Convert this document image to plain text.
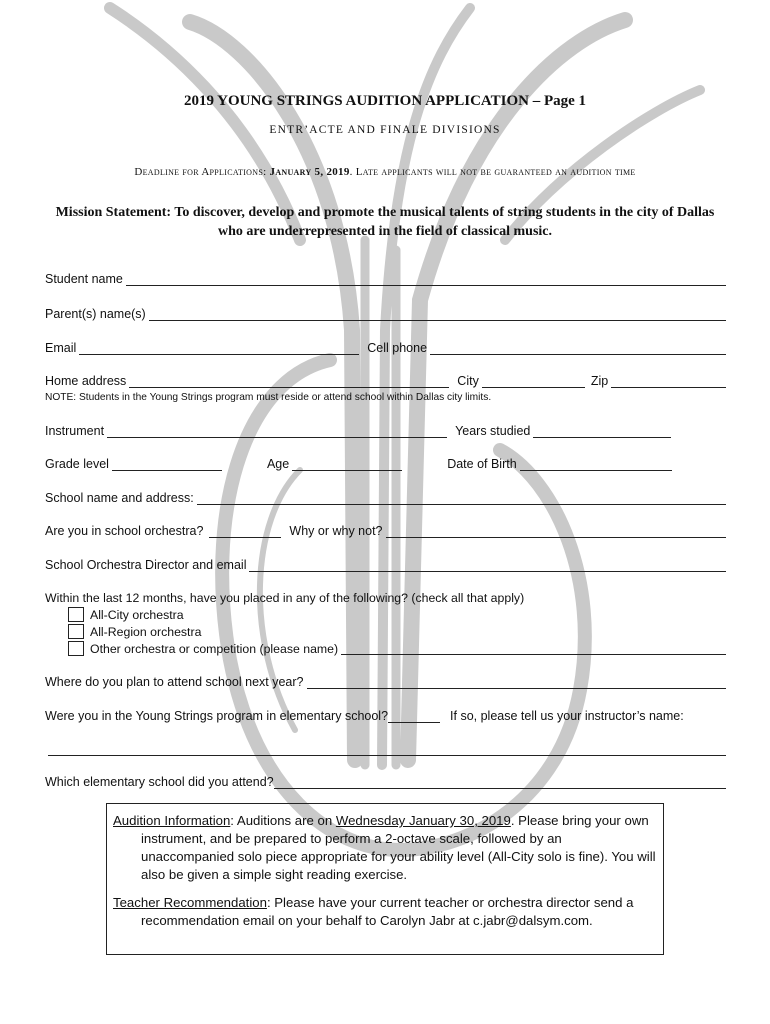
2019 YOUNG STRINGS AUDITION APPLICATION – Page 1
ENTR’ACTE AND FINALE DIVISIONS
Deadline for Applications: January 5, 2019. Late applicants will not be guaranteed an audition time
Mission Statement: To discover, develop and promote the musical talents of string students in the city of Dallas who are underrepresented in the field of classical music.
Student name
Parent(s) name(s)
Email	Cell phone
Home address	City	Zip
NOTE: Students in the Young Strings program must reside or attend school within Dallas city limits.
Instrument	Years studied
Grade level	Age	Date of Birth
School name and address:
Are you in school orchestra?	Why or why not?
School Orchestra Director and email
Within the last 12 months, have you placed in any of the following? (check all that apply)
All-City orchestra
All-Region orchestra
Other orchestra or competition (please name)
Where do you plan to attend school next year?
Were you in the Young Strings program in elementary school?	If so, please tell us your instructor’s name:
Which elementary school did you attend?

Audition Information: Auditions are on Wednesday January 30, 2019. Please bring your own instrument, and be prepared to perform a 2-octave scale, followed by an unaccompanied solo piece appropriate for your ability level (All-City solo is fine). You will also be given a simple sight reading exercise.

Teacher Recommendation: Please have your current teacher or orchestra director send a recommendation email on your behalf to Carolyn Jabr at c.jabr@dalsym.com.
